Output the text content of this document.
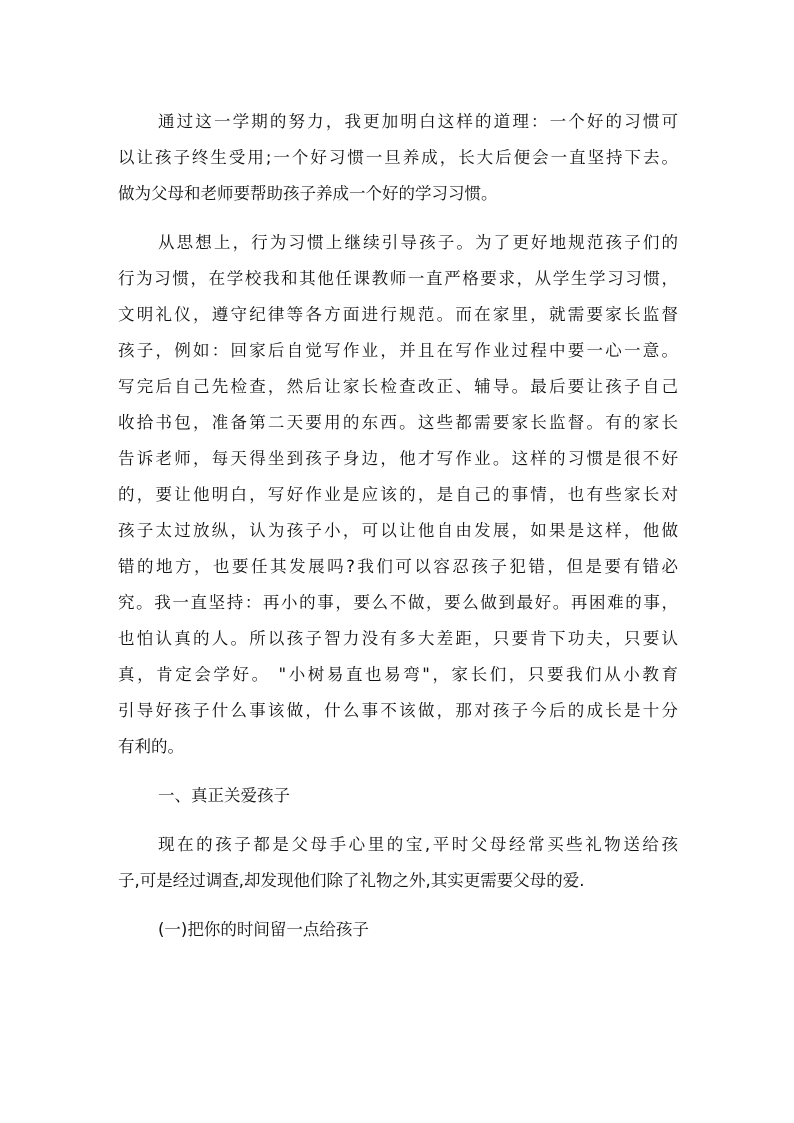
通过这一学期的努力，我更加明白这样的道理：一个好的习惯可
以让孩子终生受用;一个好习惯一旦养成，长大后便会一直坚持下去。
做为父母和老师要帮助孩子养成一个好的学习习惯。
从思想上，行为习惯上继续引导孩子。为了更好地规范孩子们的
行为习惯，在学校我和其他任课教师一直严格要求，从学生学习习惯，
文明礼仪，遵守纪律等各方面进行规范。而在家里，就需要家长监督
孩子，例如：回家后自觉写作业，并且在写作业过程中要一心一意。
写完后自己先检查，然后让家长检查改正、辅导。最后要让孩子自己
收拾书包，准备第二天要用的东西。这些都需要家长监督。有的家长
告诉老师，每天得坐到孩子身边，他才写作业。这样的习惯是很不好
的，要让他明白，写好作业是应该的，是自己的事情，也有些家长对
孩子太过放纵，认为孩子小，可以让他自由发展，如果是这样，他做
错的地方，也要任其发展吗?我们可以容忍孩子犯错，但是要有错必
究。我一直坚持：再小的事，要么不做，要么做到最好。再困难的事，
也怕认真的人。所以孩子智力没有多大差距，只要肯下功夫，只要认
真，肯定会学好。 "小树易直也易弯"，家长们，只要我们从小教育
引导好孩子什么事该做，什么事不该做，那对孩子今后的成长是十分
有利的。
一、真正关爱孩子
现在的孩子都是父母手心里的宝,平时父母经常买些礼物送给孩
子,可是经过调查,却发现他们除了礼物之外,其实更需要父母的爱.
(一)把你的时间留一点给孩子
